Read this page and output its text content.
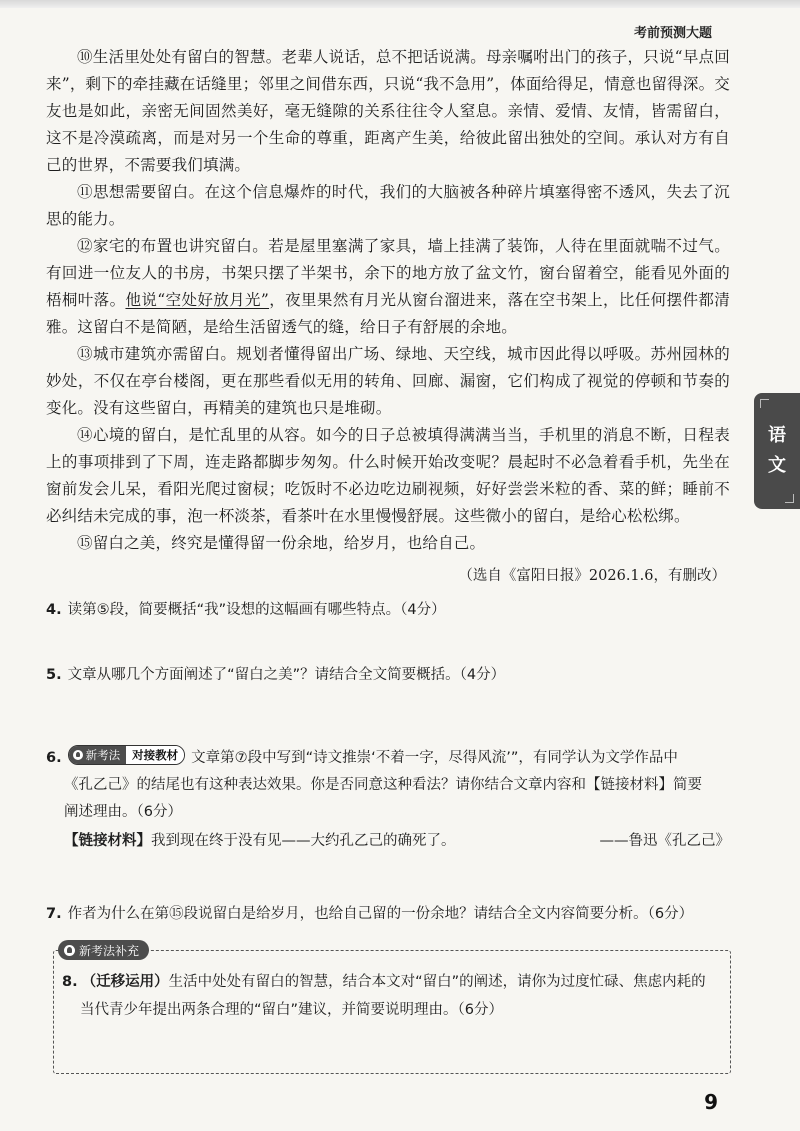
考前预测大题

⑩生活里处处有留白的智慧。老辈人说话，总不把话说满。母亲嘱咐出门的孩子，只说“早点回来”，剩下的牵挂藏在话缝里；邻里之间借东西，只说“我不急用”，体面给得足，情意也留得深。交友也是如此，亲密无间固然美好，毫无缝隙的关系往往令人窒息。亲情、爱情、友情，皆需留白，这不是冷漠疏离，而是对另一个生命的尊重，距离产生美，给彼此留出独处的空间。承认对方有自己的世界，不需要我们填满。

⑪思想需要留白。在这个信息爆炸的时代，我们的大脑被各种碎片填塞得密不透风，失去了沉思的能力。

⑫家宅的布置也讲究留白。若是屋里塞满了家具，墙上挂满了装饰，人待在里面就喘不过气。有回进一位友人的书房，书架只摆了半架书，余下的地方放了盆文竹，窗台留着空，能看见外面的梧桐叶落。他说“空处好放月光”，夜里果然有月光从窗台溜进来，落在空书架上，比任何摆件都清雅。这留白不是简陋，是给生活留透气的缝，给日子有舒展的余地。

⑬城市建筑亦需留白。规划者懂得留出广场、绿地、天空线，城市因此得以呼吸。苏州园林的妙处，不仅在亭台楼阁，更在那些看似无用的转角、回廊、漏窗，它们构成了视觉的停顿和节奏的变化。没有这些留白，再精美的建筑也只是堆砌。

⑭心境的留白，是忙乱里的从容。如今的日子总被填得满满当当，手机里的消息不断，日程表上的事项排到了下周，连走路都脚步匆匆。什么时候开始改变呢？晨起时不必急着看手机，先坐在窗前发会儿呆，看阳光爬过窗棂；吃饭时不必边吃边刷视频，好好尝尝米粒的香、菜的鲜；睡前不必纠结未完成的事，泡一杯淡茶，看茶叶在水里慢慢舒展。这些微小的留白，是给心松松绑。

⑮留白之美，终究是懂得留一份余地，给岁月，也给自己。

（选自《富阳日报》2026.1.6，有删改）

4. 读第⑤段，简要概括“我”设想的这幅画有哪些特点。（4分）

5. 文章从哪几个方面阐述了“留白之美”？请结合全文简要概括。（4分）

6. 新考法	对接教材 文章第⑦段中写到“诗文推崇‘不着一字，尽得风流’”，有同学认为文学作品中
《孔乙己》的结尾也有这种表达效果。你是否同意这种看法？请你结合文章内容和【链接材料】简要
阐述理由。（6分）
【链接材料】我到现在终于没有见——大约孔乙己的确死了。	——鲁迅《孔乙己》

7. 作者为什么在第⑮段说留白是给岁月，也给自己留的一份余地？请结合全文内容简要分析。（6分）

新考法补充
8. （迁移运用）生活中处处有留白的智慧，结合本文对“留白”的阐述，请你为过度忙碌、焦虑内耗的
当代青少年提出两条合理的“留白”建议，并简要说明理由。（6分）
语文
9
